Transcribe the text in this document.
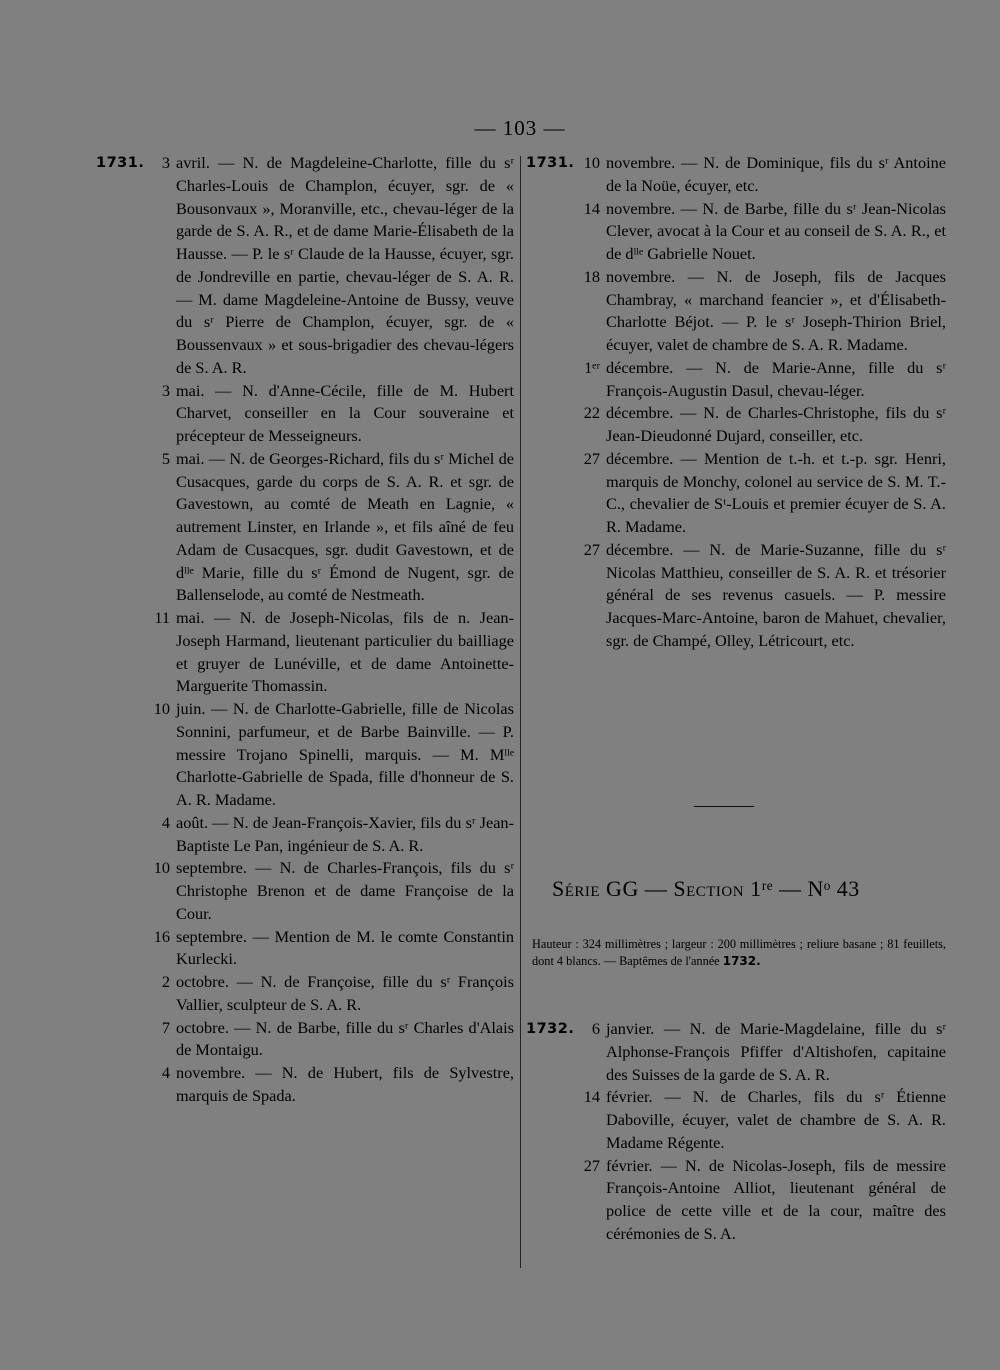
— 103 —
1731.	3 avril. — N. de Magdeleine-Charlotte, fille du sʳ Charles-Louis de Champlon, écuyer, sgr. de « Bousonvaux », Moranville, etc., chevau-léger de la garde de S. A. R., et de dame Marie-Élisabeth de la Hausse. — P. le sʳ Claude de la Hausse, écuyer, sgr. de Jondreville en partie, chevau-léger de S. A. R. — M. dame Magdeleine-Antoine de Bussy, veuve du sʳ Pierre de Champlon, écuyer, sgr. de « Boussenvaux » et sous-brigadier des chevau-légers de S. A. R.
3 mai. — N. d'Anne-Cécile, fille de M. Hubert Charvet, conseiller en la Cour souveraine et précepteur de Messeigneurs.
5 mai. — N. de Georges-Richard, fils du sʳ Michel de Cusacques, garde du corps de S. A. R. et sgr. de Gavestown, au comté de Meath en Lagnie, « autrement Linster, en Irlande », et fils aîné de feu Adam de Cusacques, sgr. dudit Gavestown, et de dˡˡᵉ Marie, fille du sʳ Émond de Nugent, sgr. de Ballenselode, au comté de Nestmeath.
11 mai. — N. de Joseph-Nicolas, fils de n. Jean-Joseph Harmand, lieutenant particulier du bailliage et gruyer de Lunéville, et de dame Antoinette-Marguerite Thomassin.
10 juin. — N. de Charlotte-Gabrielle, fille de Nicolas Sonnini, parfumeur, et de Barbe Bainville. — P. messire Trojano Spinelli, marquis. — M. Mˡˡᵉ Charlotte-Gabrielle de Spada, fille d'honneur de S. A. R. Madame.
4 août. — N. de Jean-François-Xavier, fils du sʳ Jean-Baptiste Le Pan, ingénieur de S. A. R.
10 septembre. — N. de Charles-François, fils du sʳ Christophe Brenon et de dame Françoise de la Cour.
16 septembre. — Mention de M. le comte Constantin Kurlecki.
2 octobre. — N. de Françoise, fille du sʳ François Vallier, sculpteur de S. A. R.
7 octobre. — N. de Barbe, fille du sʳ Charles d'Alais de Montaigu.
4 novembre. — N. de Hubert, fils de Sylvestre, marquis de Spada.
1731. 10 novembre. — N. de Dominique, fils du sʳ Antoine de la Noüe, écuyer, etc.
14 novembre. — N. de Barbe, fille du sʳ Jean-Nicolas Clever, avocat à la Cour et au conseil de S. A. R., et de dˡˡᵉ Gabrielle Nouet.
18 novembre. — N. de Joseph, fils de Jacques Chambray, « marchand feancier », et d'Élisabeth-Charlotte Béjot. — P. le sʳ Joseph-Thirion Briel, écuyer, valet de chambre de S. A. R. Madame.
1ᵉʳ décembre. — N. de Marie-Anne, fille du sʳ François-Augustin Dasul, chevau-léger.
22 décembre. — N. de Charles-Christophe, fils du sʳ Jean-Dieudonné Dujard, conseiller, etc.
27 décembre. — Mention de t.-h. et t.-p. sgr. Henri, marquis de Monchy, colonel au service de S. M. T.-C., chevalier de Sᵗ-Louis et premier écuyer de S. A. R. Madame.
27 décembre. — N. de Marie-Suzanne, fille du sʳ Nicolas Matthieu, conseiller de S. A. R. et trésorier général de ses revenus casuels. — P. messire Jacques-Marc-Antoine, baron de Mahuet, chevalier, sgr. de Champé, Olley, Létricourt, etc.
Série GG — Section 1ʳᵉ — Nᵒ 43
Hauteur : 324 millimètres ; largeur : 200 millimètres ; reliure basane ; 81 feuillets, dont 4 blancs. — Baptêmes de l'année 1732.
1732.	6 janvier. — N. de Marie-Magdelaine, fille du sʳ Alphonse-François Pfiffer d'Altishofen, capitaine des Suisses de la garde de S. A. R.
14 février. — N. de Charles, fils du sʳ Étienne Daboville, écuyer, valet de chambre de S. A. R. Madame Régente.
27 février. — N. de Nicolas-Joseph, fils de messire François-Antoine Alliot, lieutenant général de police de cette ville et de la cour, maître des cérémonies de S. A.
